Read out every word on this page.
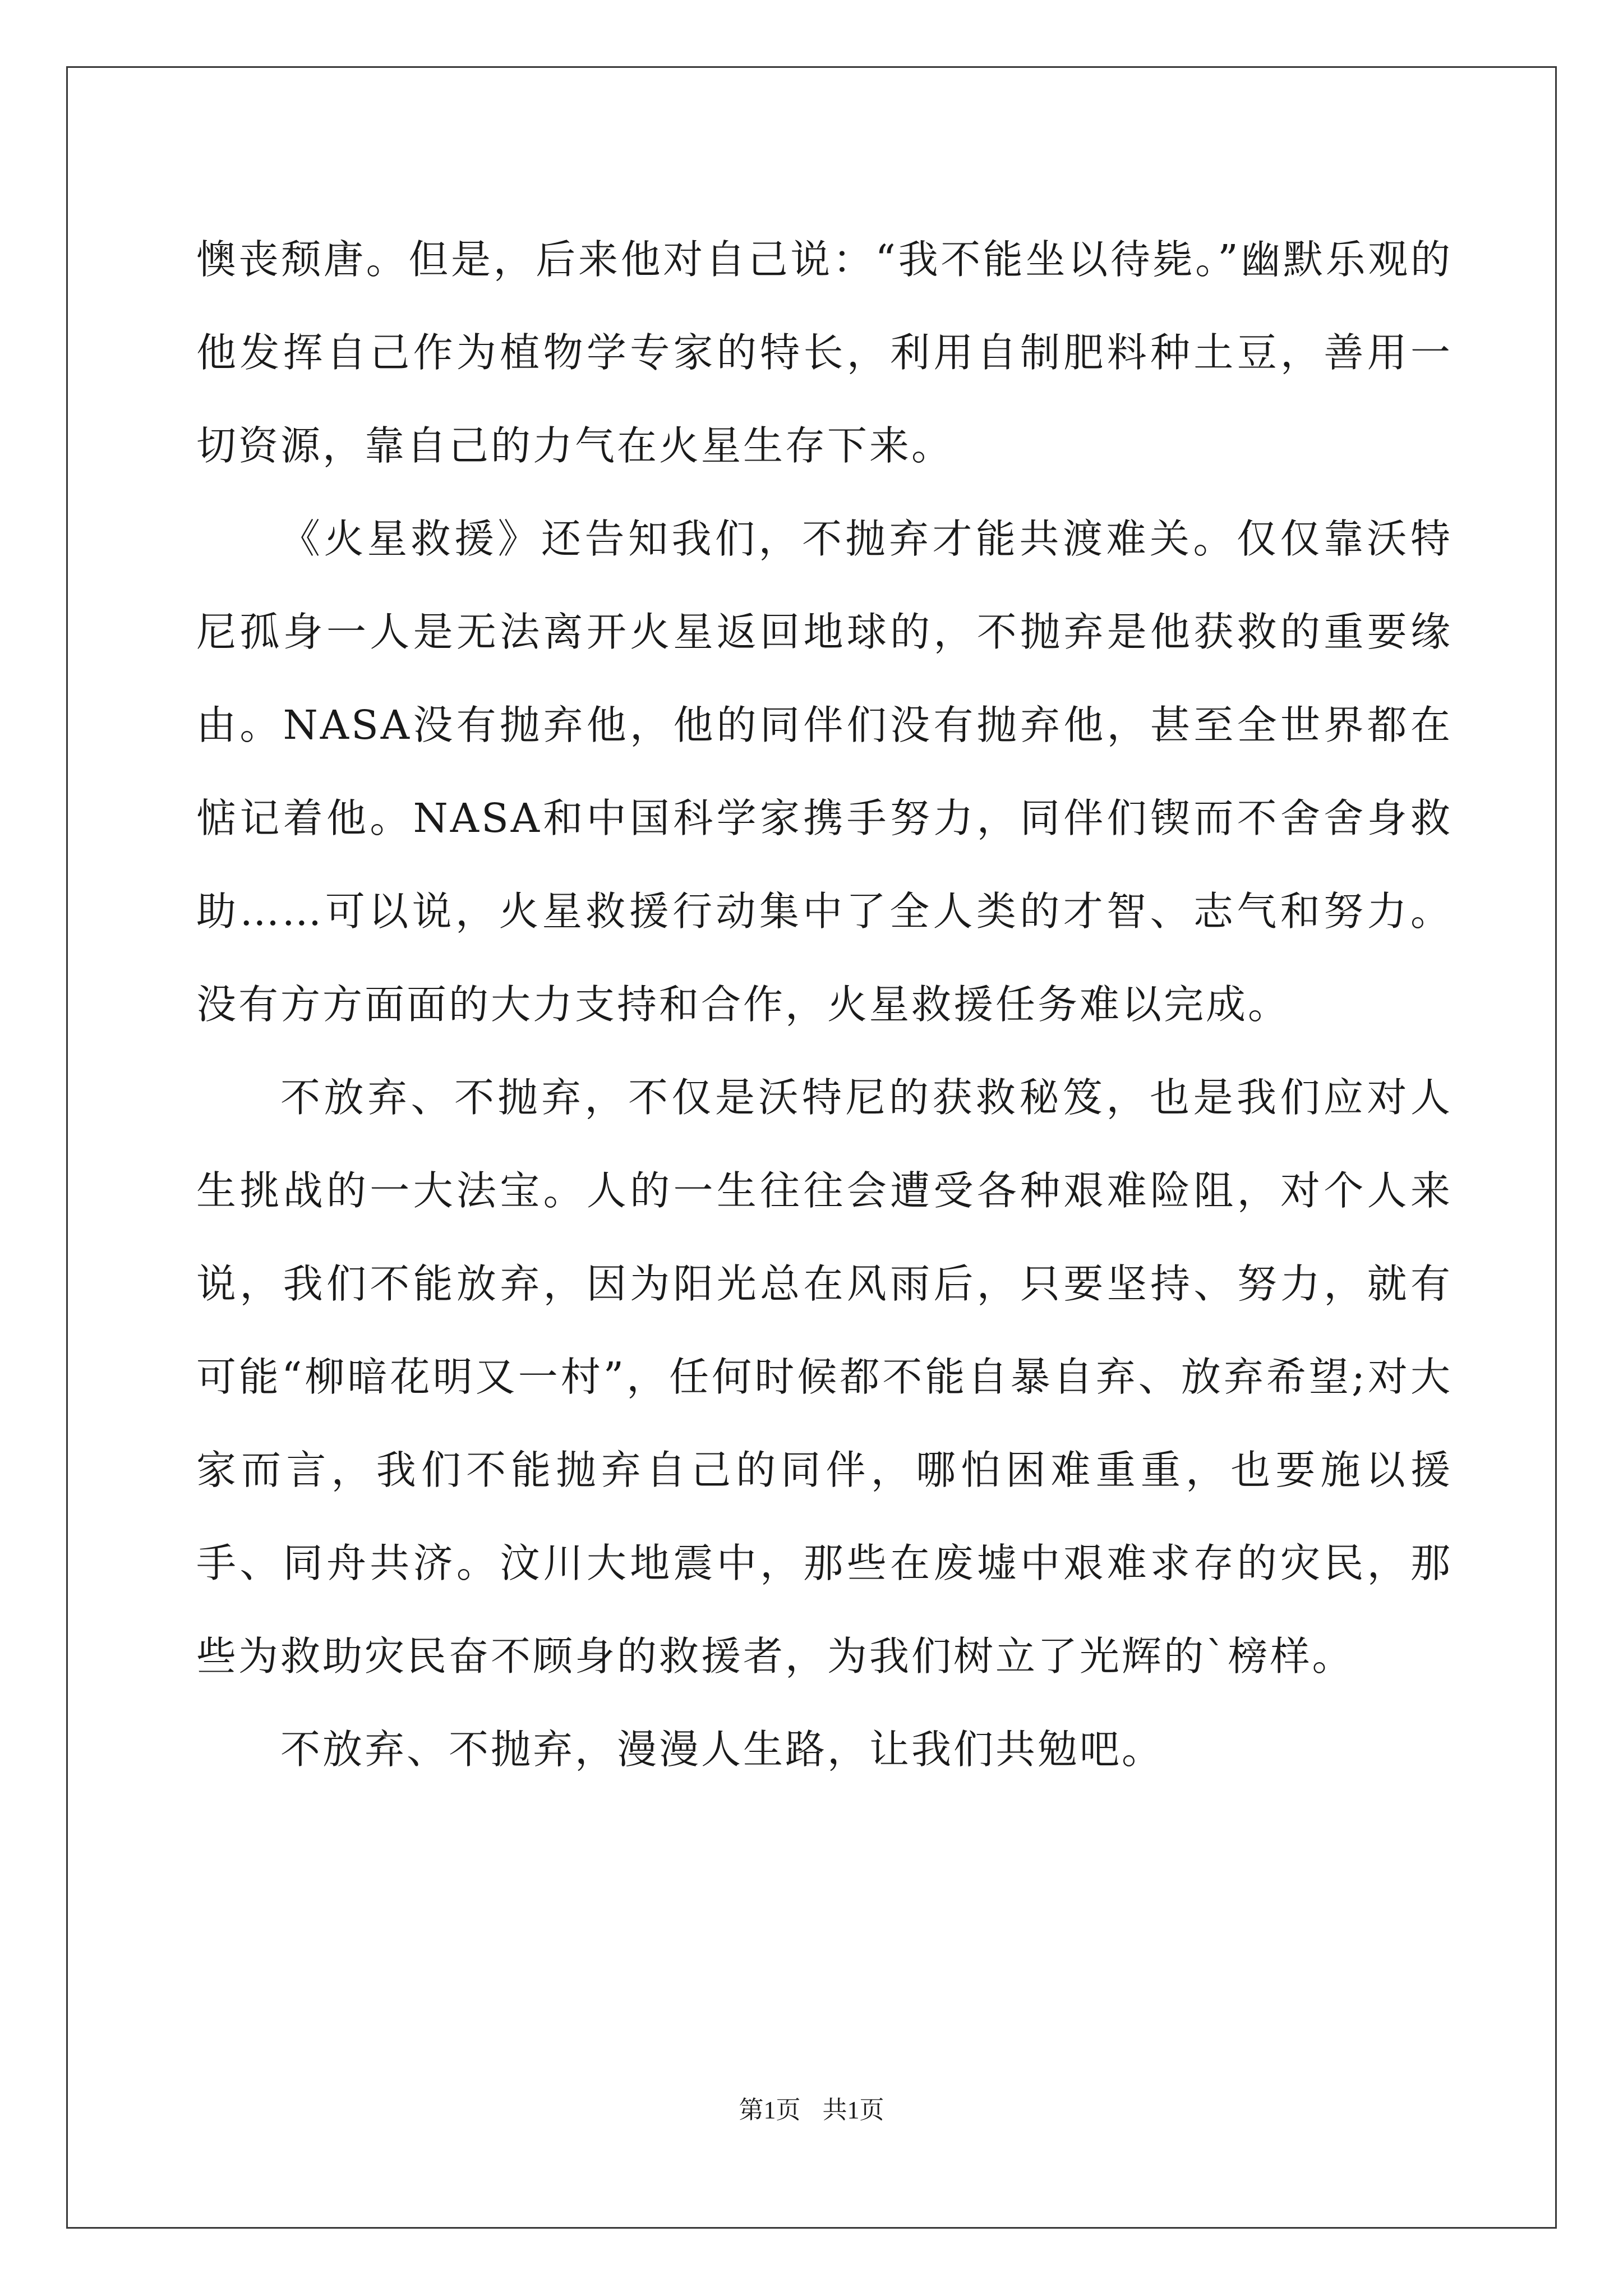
懊丧颓唐。但是，后来他对自己说：“我不能坐以待毙。”幽默乐观的他发挥自己作为植物学专家的特长，利用自制肥料种土豆，善用一切资源，靠自己的力气在火星生存下来。

《火星救援》还告知我们，不抛弃才能共渡难关。仅仅靠沃特尼孤身一人是无法离开火星返回地球的，不抛弃是他获救的重要缘由。NASA没有抛弃他，他的同伴们没有抛弃他，甚至全世界都在惦记着他。NASA和中国科学家携手努力，同伴们锲而不舍舍身救助……可以说，火星救援行动集中了全人类的才智、志气和努力。没有方方面面的大力支持和合作，火星救援任务难以完成。

不放弃、不抛弃，不仅是沃特尼的获救秘笈，也是我们应对人生挑战的一大法宝。人的一生往往会遭受各种艰难险阻，对个人来说，我们不能放弃，因为阳光总在风雨后，只要坚持、努力，就有可能“柳暗花明又一村”，任何时候都不能自暴自弃、放弃希望;对大家而言，我们不能抛弃自己的同伴，哪怕困难重重，也要施以援手、同舟共济。汶川大地震中，那些在废墟中艰难求存的灾民，那些为救助灾民奋不顾身的救援者，为我们树立了光辉的`榜样。

不放弃、不抛弃，漫漫人生路，让我们共勉吧。

第1页 共1页
